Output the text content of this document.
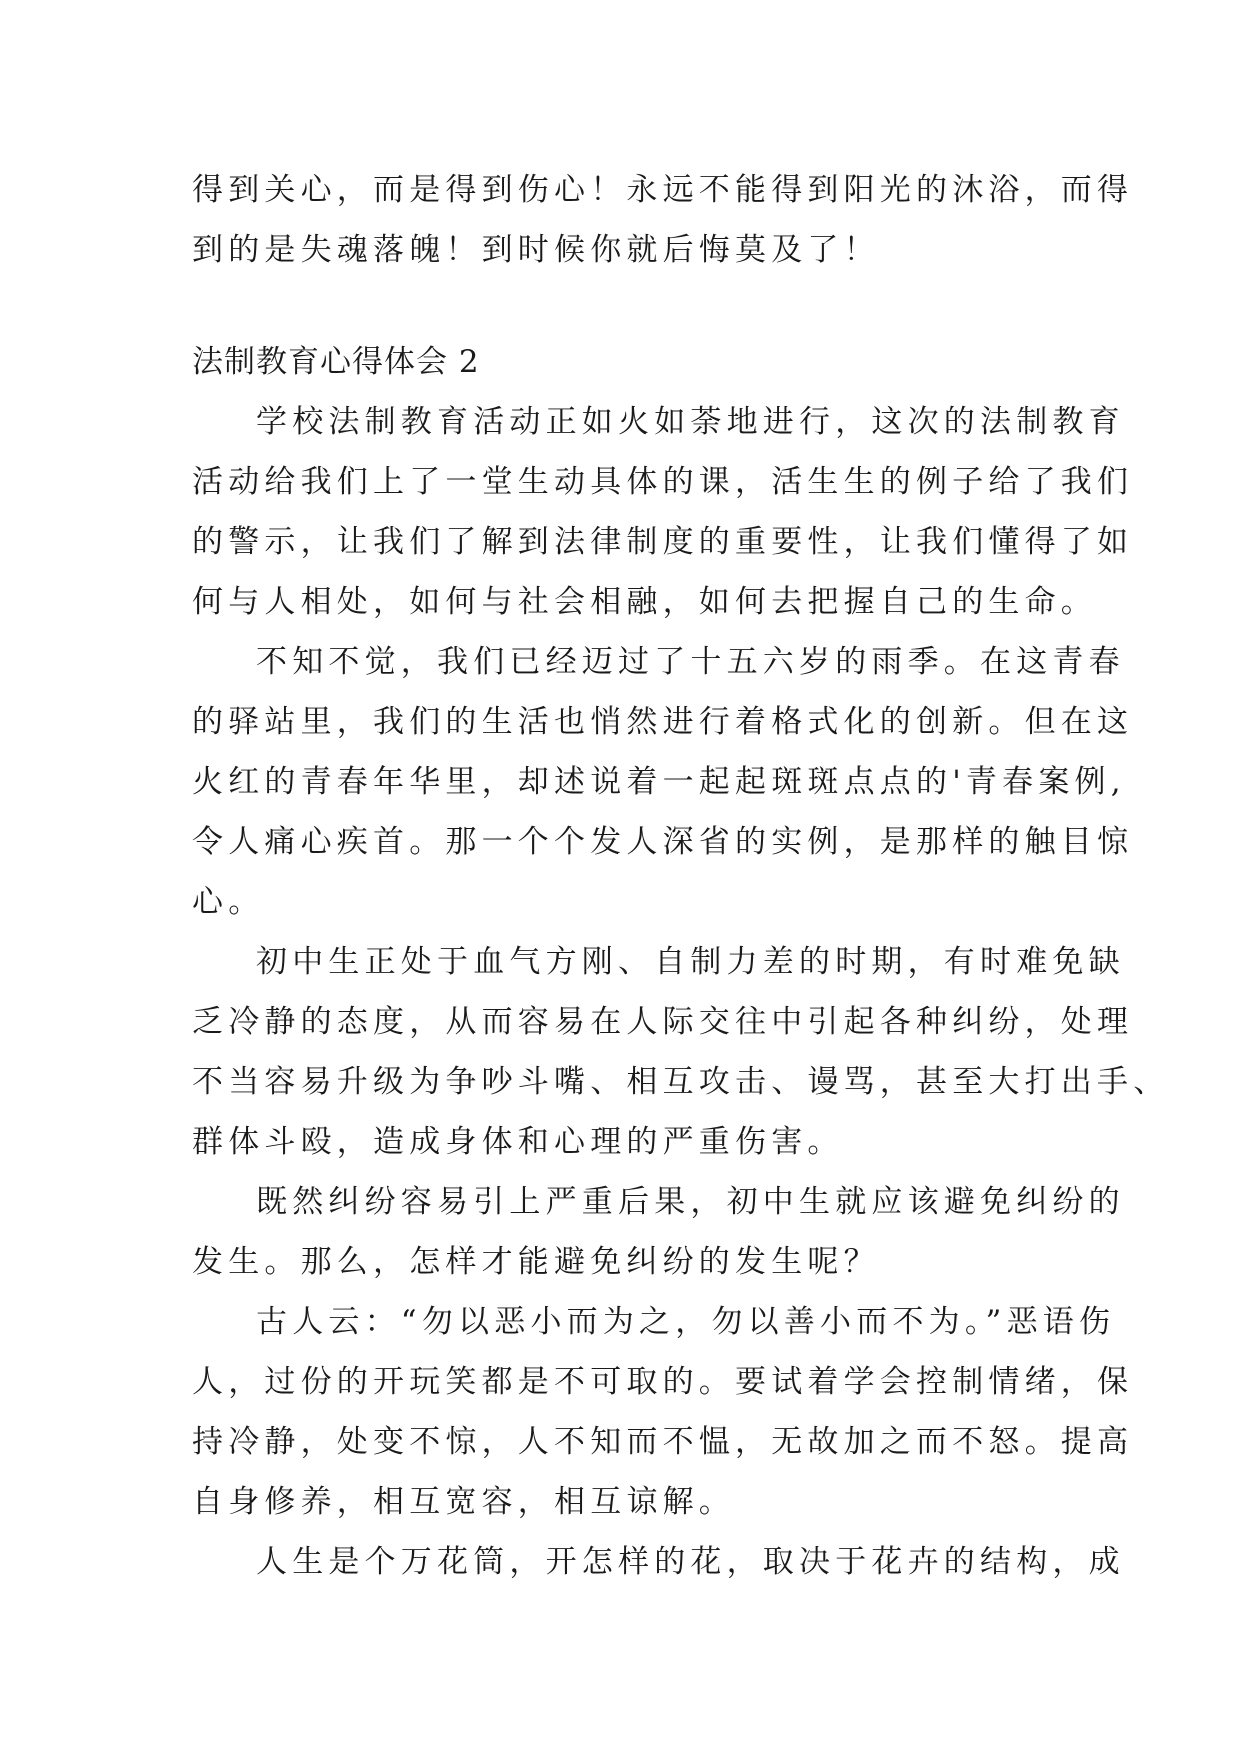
得到关心，而是得到伤心！永远不能得到阳光的沐浴，而得
到的是失魂落魄！到时候你就后悔莫及了！
法制教育心得体会 2
学校法制教育活动正如火如荼地进行，这次的法制教育
活动给我们上了一堂生动具体的课，活生生的例子给了我们
的警示，让我们了解到法律制度的重要性，让我们懂得了如
何与人相处，如何与社会相融，如何去把握自己的生命。
不知不觉，我们已经迈过了十五六岁的雨季。在这青春
的驿站里，我们的生活也悄然进行着格式化的创新。但在这
火红的青春年华里，却述说着一起起斑斑点点的'青春案例,
令人痛心疾首。那一个个发人深省的实例，是那样的触目惊
心。
初中生正处于血气方刚、自制力差的时期，有时难免缺
乏冷静的态度，从而容易在人际交往中引起各种纠纷，处理
不当容易升级为争吵斗嘴、相互攻击、谩骂，甚至大打出手、
群体斗殴，造成身体和心理的严重伤害。
既然纠纷容易引上严重后果，初中生就应该避免纠纷的
发生。那么，怎样才能避免纠纷的发生呢？
古人云：“勿以恶小而为之，勿以善小而不为。”恶语伤
人，过份的开玩笑都是不可取的。要试着学会控制情绪，保
持冷静，处变不惊，人不知而不愠，无故加之而不怒。提高
自身修养，相互宽容，相互谅解。
人生是个万花筒，开怎样的花，取决于花卉的结构，成
